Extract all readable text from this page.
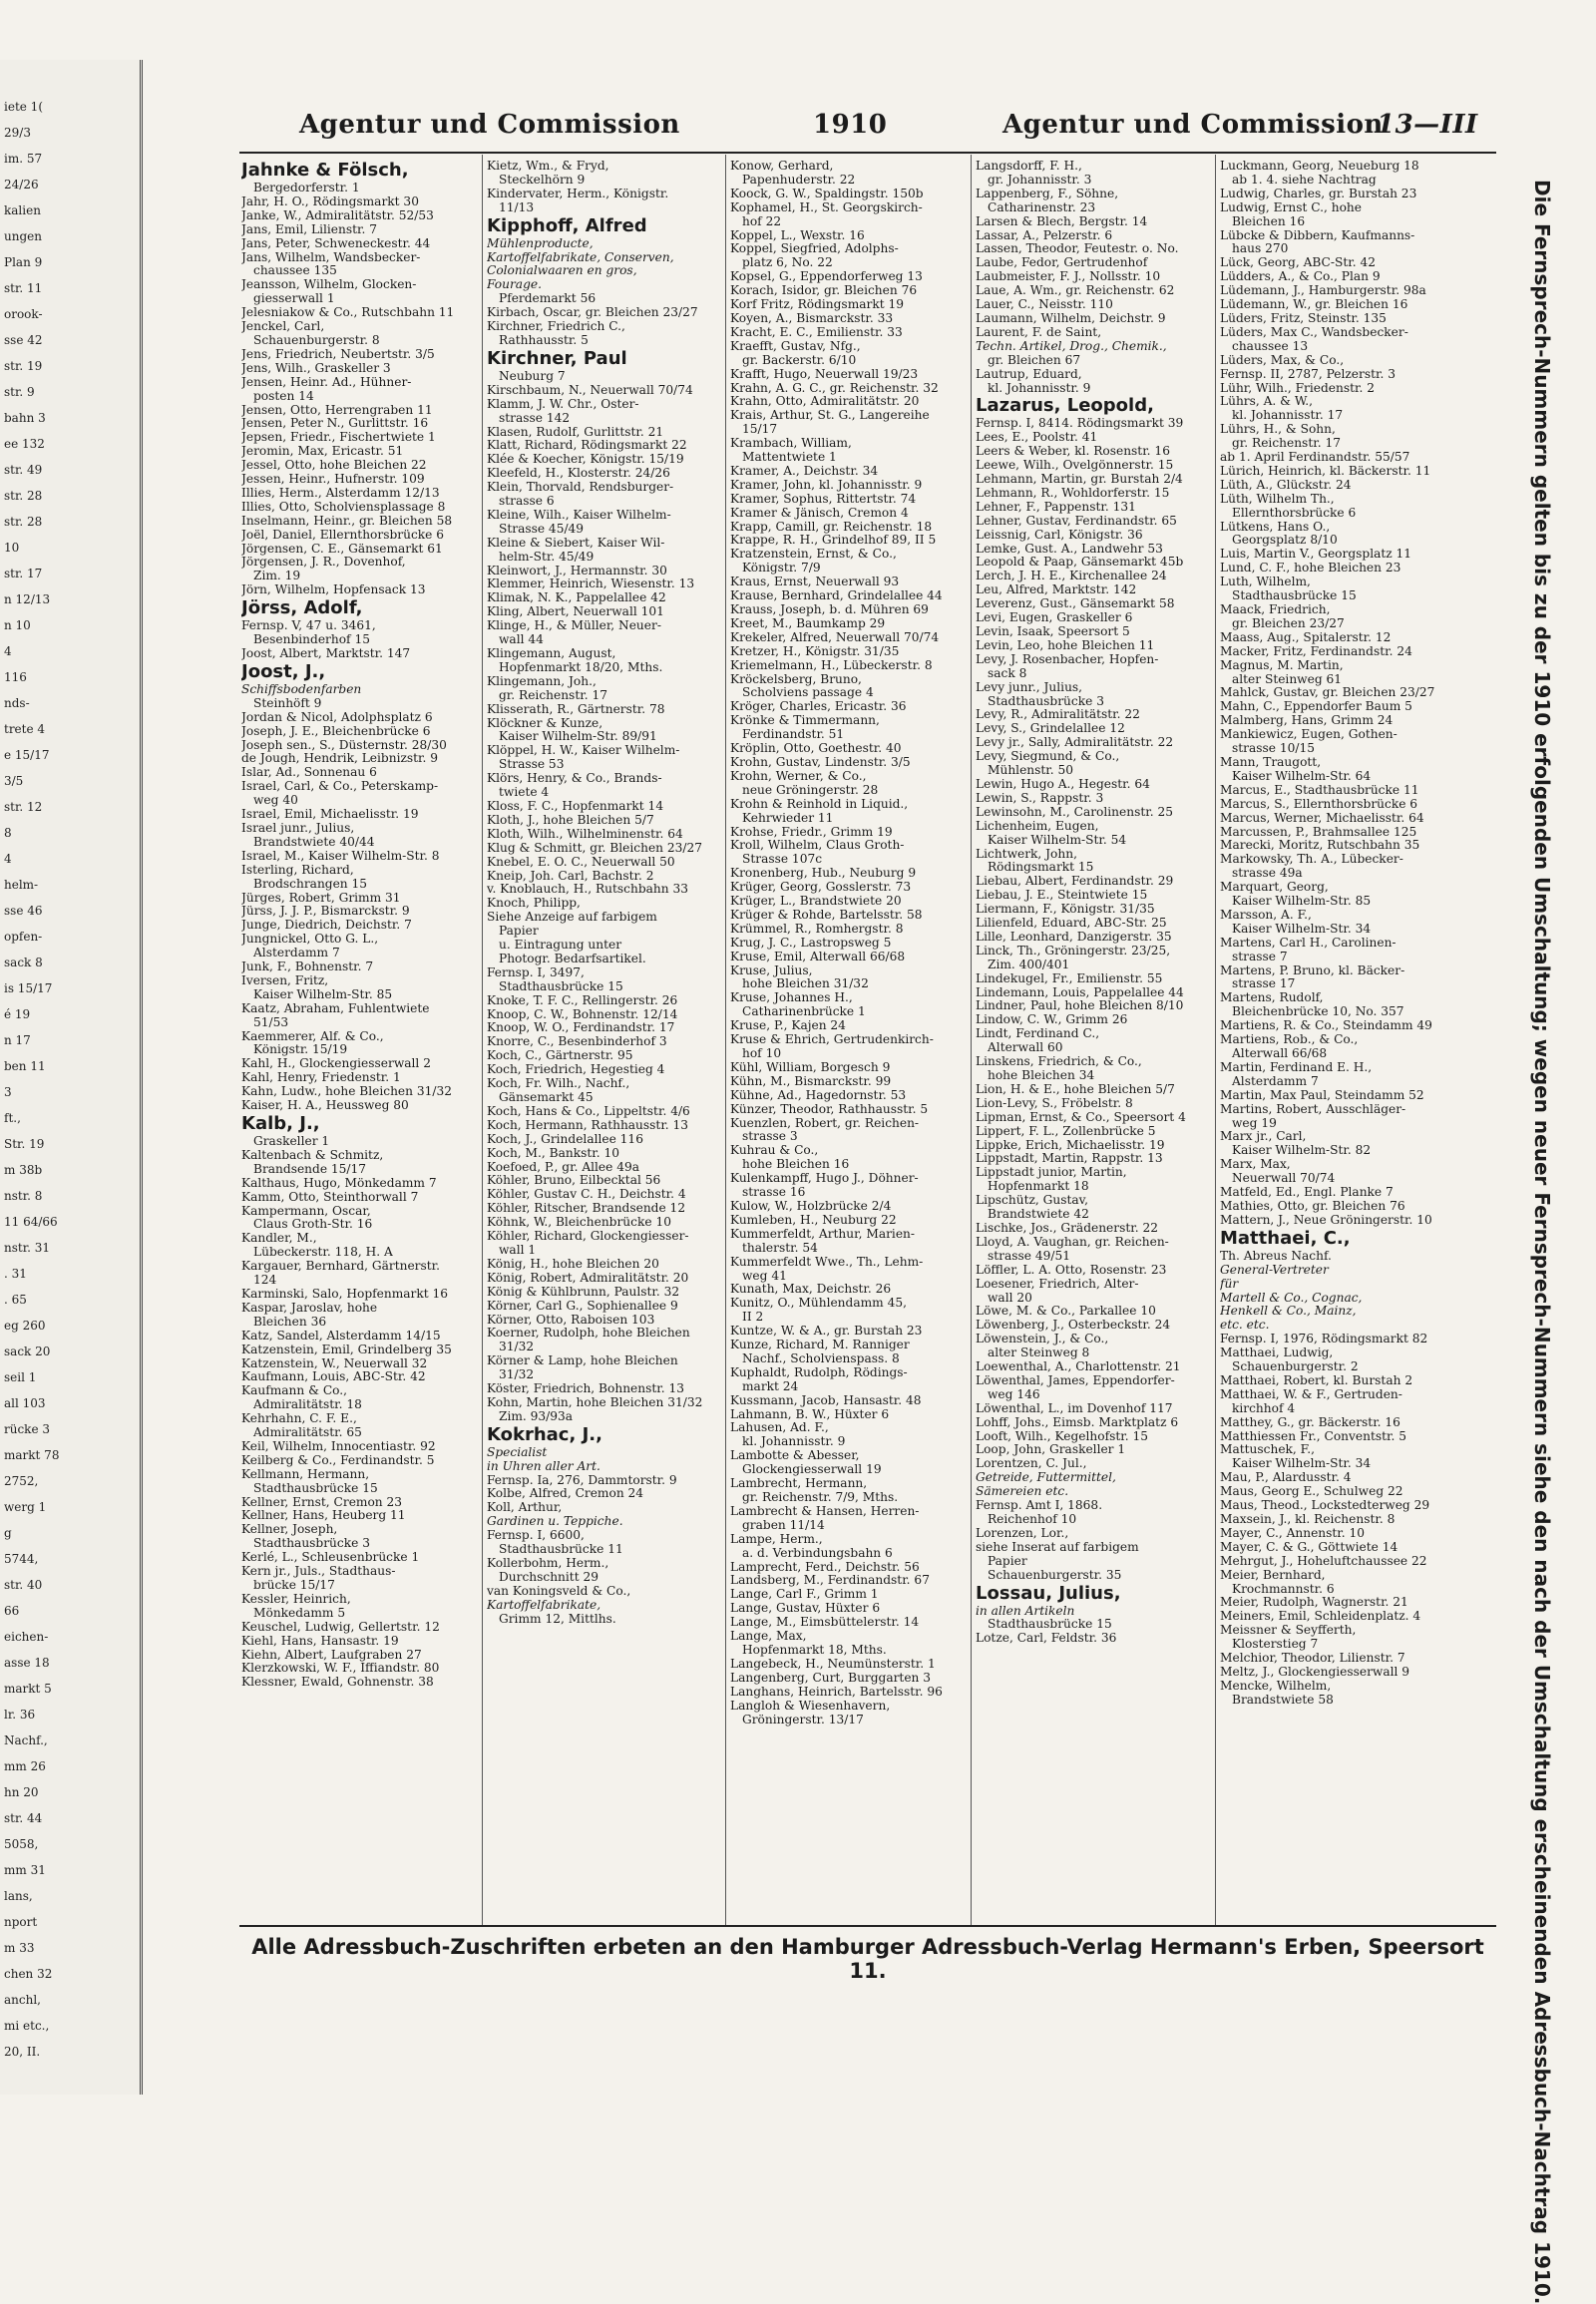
iete 1(
29/3
im. 57
24/26
kalien
ungen
Plan 9
str. 11
orook-
sse 42
str. 19
str. 9
bahn 3
ee 132
str. 49
str. 28
str. 28
10
str. 17
n 12/13
n 10
4
116
nds-
trete 4
e 15/17
3/5
str. 12
8
4
helm-
sse 46
opfen-
sack 8
is 15/17
é 19
n 17
ben 11
3
ft.,
Str. 19
m 38b
nstr. 8
11 64/66
nstr. 31
. 31
. 65
eg 260
sack 20
seil 1
all 103
rücke 3
markt 78
2752,
werg 1
g
5744,
str. 40
66
eichen-
asse 18
markt 5
lr. 36
Nachf.,
mm 26
hn 20
str. 44
5058,
mm 31
lans,
nport
m 33
chen 32
anchl,
mi etc.,
20, II.
Agentur und Commission	1910	Agentur und Commission
13—III
Jahnke & Fölsch,
Bergedorferstr. 1
Jahr, H. O., Rödingsmarkt 30
Janke, W., Admiralitätstr. 52/53
Jans, Emil, Lilienstr. 7
Jans, Peter, Schweneckestr. 44
Jans, Wilhelm, Wandsbecker-
chaussee 135
Jeansson, Wilhelm, Glocken-
giesserwall 1
Jelesniakow & Co., Rutschbahn 11
Jenckel, Carl,
Schauenburgerstr. 8
Jens, Friedrich, Neubertstr. 3/5
Jens, Wilh., Graskeller 3
Jensen, Heinr. Ad., Hühner-
posten 14
Jensen, Otto, Herrengraben 11
Jensen, Peter N., Gurlittstr. 16
Jepsen, Friedr., Fischertwiete 1
Jeromin, Max, Ericastr. 51
Jessel, Otto, hohe Bleichen 22
Jessen, Heinr., Hufnerstr. 109
Illies, Herm., Alsterdamm 12/13
Illies, Otto, Scholviensplassage 8
Inselmann, Heinr., gr. Bleichen 58
Joël, Daniel, Ellernthorsbrücke 6
Jörgensen, C. E., Gänsemarkt 61
Jörgensen, J. R., Dovenhof,
Zim. 19
Jörn, Wilhelm, Hopfensack 13
Jörss, Adolf,
Fernsp. V, 47 u. 3461,
Besenbinderhof 15
Joost, Albert, Marktstr. 147
Joost, J.,
Schiffsbodenfarben
Steinhöft 9
Jordan & Nicol, Adolphsplatz 6
Joseph, J. E., Bleichenbrücke 6
Joseph sen., S., Düsternstr. 28/30
de Jough, Hendrik, Leibnizstr. 9
Islar, Ad., Sonnenau 6
Israel, Carl, & Co., Peterskamp-
weg 40
Israel, Emil, Michaelisstr. 19
Israel junr., Julius,
Brandstwiete 40/44
Israel, M., Kaiser Wilhelm-Str. 8
Isterling, Richard,
Brodschrangen 15
Jürges, Robert, Grimm 31
Jürss, J. J. P., Bismarckstr. 9
Junge, Diedrich, Deichstr. 7
Jungnickel, Otto G. L.,
Alsterdamm 7
Junk, F., Bohnenstr. 7
Iversen, Fritz,
Kaiser Wilhelm-Str. 85
Kaatz, Abraham, Fuhlentwiete
51/53
Kaemmerer, Alf. & Co.,
Königstr. 15/19
Kahl, H., Glockengiesserwall 2
Kahl, Henry, Friedenstr. 1
Kahn, Ludw., hohe Bleichen 31/32
Kaiser, H. A., Heussweg 80
Kalb, J.,
Graskeller 1
Kaltenbach & Schmitz,
Brandsende 15/17
Kalthaus, Hugo, Mönkedamm 7
Kamm, Otto, Steinthorwall 7
Kampermann, Oscar,
Claus Groth-Str. 16
Kandler, M.,
Lübeckerstr. 118, H. A
Kargauer, Bernhard, Gärtnerstr.
124
Karminski, Salo, Hopfenmarkt 16
Kaspar, Jaroslav, hohe
Bleichen 36
Katz, Sandel, Alsterdamm 14/15
Katzenstein, Emil, Grindelberg 35
Katzenstein, W., Neuerwall 32
Kaufmann, Louis, ABC-Str. 42
Kaufmann & Co.,
Admiralitätstr. 18
Kehrhahn, C. F. E.,
Admiralitätstr. 65
Keil, Wilhelm, Innocentiastr. 92
Keilberg & Co., Ferdinandstr. 5
Kellmann, Hermann,
Stadthausbrücke 15
Kellner, Ernst, Cremon 23
Kellner, Hans, Heuberg 11
Kellner, Joseph,
Stadthausbrücke 3
Kerlé, L., Schleusenbrücke 1
Kern jr., Juls., Stadthaus-
brücke 15/17
Kessler, Heinrich,
Mönkedamm 5
Keuschel, Ludwig, Gellertstr. 12
Kiehl, Hans, Hansastr. 19
Kiehn, Albert, Laufgraben 27
Klerzkowski, W. F., Iffiandstr. 80
Klessner, Ewald, Gohnenstr. 38
Kietz, Wm., & Fryd,
Steckelhörn 9
Kindervater, Herm., Königstr.
11/13
Kipphoff, Alfred
Mühlenproducte,
Kartoffelfabrikate, Conserven,
Colonialwaaren en gros,
Fourage.
Pferdemarkt 56
Kirbach, Oscar, gr. Bleichen 23/27
Kirchner, Friedrich C.,
Rathhausstr. 5
Kirchner, Paul
Neuburg 7
Kirschbaum, N., Neuerwall 70/74
Klamm, J. W. Chr., Oster-
strasse 142
Klasen, Rudolf, Gurlittstr. 21
Klatt, Richard, Rödingsmarkt 22
Klée & Koecher, Königstr. 15/19
Kleefeld, H., Klosterstr. 24/26
Klein, Thorvald, Rendsburger-
strasse 6
Kleine, Wilh., Kaiser Wilhelm-
Strasse 45/49
Kleine & Siebert, Kaiser Wil-
helm-Str. 45/49
Kleinwort, J., Hermannstr. 30
Klemmer, Heinrich, Wiesenstr. 13
Klimak, N. K., Pappelallee 42
Kling, Albert, Neuerwall 101
Klinge, H., & Müller, Neuer-
wall 44
Klingemann, August,
Hopfenmarkt 18/20, Mths.
Klingemann, Joh.,
gr. Reichenstr. 17
Klisserath, R., Gärtnerstr. 78
Klöckner & Kunze,
Kaiser Wilhelm-Str. 89/91
Klöppel, H. W., Kaiser Wilhelm-
Strasse 53
Klörs, Henry, & Co., Brands-
twiete 4
Kloss, F. C., Hopfenmarkt 14
Kloth, J., hohe Bleichen 5/7
Kloth, Wilh., Wilhelminenstr. 64
Klug & Schmitt, gr. Bleichen 23/27
Knebel, E. O. C., Neuerwall 50
Kneip, Joh. Carl, Bachstr. 2
v. Knoblauch, H., Rutschbahn 33
Knoch, Philipp,
Siehe Anzeige auf farbigem
Papier
u. Eintragung unter
Photogr. Bedarfsartikel.
Fernsp. I, 3497,
Stadthausbrücke 15
Knoke, T. F. C., Rellingerstr. 26
Knoop, C. W., Bohnenstr. 12/14
Knoop, W. O., Ferdinandstr. 17
Knorre, C., Besenbinderhof 3
Koch, C., Gärtnerstr. 95
Koch, Friedrich, Hegestieg 4
Koch, Fr. Wilh., Nachf.,
Gänsemarkt 45
Koch, Hans & Co., Lippeltstr. 4/6
Koch, Hermann, Rathhausstr. 13
Koch, J., Grindelallee 116
Koch, M., Bankstr. 10
Koefoed, P., gr. Allee 49a
Köhler, Bruno, Eilbecktal 56
Köhler, Gustav C. H., Deichstr. 4
Köhler, Ritscher, Brandsende 12
Köhnk, W., Bleichenbrücke 10
Köhler, Richard, Glockengiesser-
wall 1
König, H., hohe Bleichen 20
König, Robert, Admiralitätstr. 20
König & Kühlbrunn, Paulstr. 32
Körner, Carl G., Sophienallee 9
Körner, Otto, Raboisen 103
Koerner, Rudolph, hohe Bleichen
31/32
Körner & Lamp, hohe Bleichen
31/32
Köster, Friedrich, Bohnenstr. 13
Kohn, Martin, hohe Bleichen 31/32
Zim. 93/93a
Kokrhac, J.,
Specialist
in Uhren aller Art.
Fernsp. Ia, 276, Dammtorstr. 9
Kolbe, Alfred, Cremon 24
Koll, Arthur,
Gardinen u. Teppiche.
Fernsp. I, 6600,
Stadthausbrücke 11
Kollerbohm, Herm.,
Durchschnitt 29
van Koningsveld & Co.,
Kartoffelfabrikate,
Grimm 12, Mittlhs.
Konow, Gerhard,
Papenhuderstr. 22
Koock, G. W., Spaldingstr. 150b
Kophamel, H., St. Georgskirch-
hof 22
Koppel, L., Wexstr. 16
Koppel, Siegfried, Adolphs-
platz 6, No. 22
Kopsel, G., Eppendorferweg 13
Korach, Isidor, gr. Bleichen 76
Korf Fritz, Rödingsmarkt 19
Koyen, A., Bismarckstr. 33
Kracht, E. C., Emilienstr. 33
Kraefft, Gustav, Nfg.,
gr. Backerstr. 6/10
Krafft, Hugo, Neuerwall 19/23
Krahn, A. G. C., gr. Reichenstr. 32
Krahn, Otto, Admiralitätstr. 20
Krais, Arthur, St. G., Langereihe
15/17
Krambach, William,
Mattentwiete 1
Kramer, A., Deichstr. 34
Kramer, John, kl. Johannisstr. 9
Kramer, Sophus, Rittertstr. 74
Kramer & Jänisch, Cremon 4
Krapp, Camill, gr. Reichenstr. 18
Krappe, R. H., Grindelhof 89, II 5
Kratzenstein, Ernst, & Co.,
Königstr. 7/9
Kraus, Ernst, Neuerwall 93
Krause, Bernhard, Grindelallee 44
Krauss, Joseph, b. d. Mühren 69
Kreet, M., Baumkamp 29
Krekeler, Alfred, Neuerwall 70/74
Kretzer, H., Königstr. 31/35
Kriemelmann, H., Lübeckerstr. 8
Kröckelsberg, Bruno,
Scholviens passage 4
Kröger, Charles, Ericastr. 36
Krönke & Timmermann,
Ferdinandstr. 51
Kröplin, Otto, Goethestr. 40
Krohn, Gustav, Lindenstr. 3/5
Krohn, Werner, & Co.,
neue Gröningerstr. 28
Krohn & Reinhold in Liquid.,
Kehrwieder 11
Krohse, Friedr., Grimm 19
Kroll, Wilhelm, Claus Groth-
Strasse 107c
Kronenberg, Hub., Neuburg 9
Krüger, Georg, Gosslerstr. 73
Krüger, L., Brandstwiete 20
Krüger & Rohde, Bartelsstr. 58
Krümmel, R., Romhergstr. 8
Krug, J. C., Lastropsweg 5
Kruse, Emil, Alterwall 66/68
Kruse, Julius,
hohe Bleichen 31/32
Kruse, Johannes H.,
Catharinenbrücke 1
Kruse, P., Kajen 24
Kruse & Ehrich, Gertrudenkirch-
hof 10
Kühl, William, Borgesch 9
Kühn, M., Bismarckstr. 99
Kühne, Ad., Hagedornstr. 53
Künzer, Theodor, Rathhausstr. 5
Kuenzlen, Robert, gr. Reichen-
strasse 3
Kuhrau & Co.,
hohe Bleichen 16
Kulenkampff, Hugo J., Döhner-
strasse 16
Kulow, W., Holzbrücke 2/4
Kumleben, H., Neuburg 22
Kummerfeldt, Arthur, Marien-
thalerstr. 54
Kummerfeldt Wwe., Th., Lehm-
weg 41
Kunath, Max, Deichstr. 26
Kunitz, O., Mühlendamm 45,
II 2
Kuntze, W. & A., gr. Burstah 23
Kunze, Richard, M. Ranniger
Nachf., Scholvienspass. 8
Kuphaldt, Rudolph, Rödings-
markt 24
Kussmann, Jacob, Hansastr. 48
Lahmann, B. W., Hüxter 6
Lahusen, Ad. F.,
kl. Johannisstr. 9
Lambotte & Abesser,
Glockengiesserwall 19
Lambrecht, Hermann,
gr. Reichenstr. 7/9, Mths.
Lambrecht & Hansen, Herren-
graben 11/14
Lampe, Herm.,
a. d. Verbindungsbahn 6
Lamprecht, Ferd., Deichstr. 56
Landsberg, M., Ferdinandstr. 67
Lange, Carl F., Grimm 1
Lange, Gustav, Hüxter 6
Lange, M., Eimsbüttelerstr. 14
Lange, Max,
Hopfenmarkt 18, Mths.
Langebeck, H., Neumünsterstr. 1
Langenberg, Curt, Burggarten 3
Langhans, Heinrich, Bartelsstr. 96
Langloh & Wiesenhavern,
Gröningerstr. 13/17
Langsdorff, F. H.,
gr. Johannisstr. 3
Lappenberg, F., Söhne,
Catharinenstr. 23
Larsen & Blech, Bergstr. 14
Lassar, A., Pelzerstr. 6
Lassen, Theodor, Feutestr. o. No.
Laube, Fedor, Gertrudenhof
Laubmeister, F. J., Nollsstr. 10
Laue, A. Wm., gr. Reichenstr. 62
Lauer, C., Neisstr. 110
Laumann, Wilhelm, Deichstr. 9
Laurent, F. de Saint,
Techn. Artikel, Drog., Chemik.,
gr. Bleichen 67
Lautrup, Eduard,
kl. Johannisstr. 9
Lazarus, Leopold,
Fernsp. I, 8414. Rödingsmarkt 39
Lees, E., Poolstr. 41
Leers & Weber, kl. Rosenstr. 16
Leewe, Wilh., Ovelgönnerstr. 15
Lehmann, Martin, gr. Burstah 2/4
Lehmann, R., Wohldorferstr. 15
Lehner, F., Pappenstr. 131
Lehner, Gustav, Ferdinandstr. 65
Leissnig, Carl, Königstr. 36
Lemke, Gust. A., Landwehr 53
Leopold & Paap, Gänsemarkt 45b
Lerch, J. H. E., Kirchenallee 24
Leu, Alfred, Marktstr. 142
Leverenz, Gust., Gänsemarkt 58
Levi, Eugen, Graskeller 6
Levin, Isaak, Speersort 5
Levin, Leo, hohe Bleichen 11
Levy, J. Rosenbacher, Hopfen-
sack 8
Levy junr., Julius,
Stadthausbrücke 3
Levy, R., Admiralitätstr. 22
Levy, S., Grindelallee 12
Levy jr., Sally, Admiralitätstr. 22
Levy, Siegmund, & Co.,
Mühlenstr. 50
Lewin, Hugo A., Hegestr. 64
Lewin, S., Rappstr. 3
Lewinsohn, M., Carolinenstr. 25
Lichenheim, Eugen,
Kaiser Wilhelm-Str. 54
Lichtwerk, John,
Rödingsmarkt 15
Liebau, Albert, Ferdinandstr. 29
Liebau, J. E., Steintwiete 15
Liermann, F., Königstr. 31/35
Lilienfeld, Eduard, ABC-Str. 25
Lille, Leonhard, Danzigerstr. 35
Linck, Th., Gröningerstr. 23/25,
Zim. 400/401
Lindekugel, Fr., Emilienstr. 55
Lindemann, Louis, Pappelallee 44
Lindner, Paul, hohe Bleichen 8/10
Lindow, C. W., Grimm 26
Lindt, Ferdinand C.,
Alterwall 60
Linskens, Friedrich, & Co.,
hohe Bleichen 34
Lion, H. & E., hohe Bleichen 5/7
Lion-Levy, S., Fröbelstr. 8
Lipman, Ernst, & Co., Speersort 4
Lippert, F. L., Zollenbrücke 5
Lippke, Erich, Michaelisstr. 19
Lippstadt, Martin, Rappstr. 13
Lippstadt junior, Martin,
Hopfenmarkt 18
Lipschütz, Gustav,
Brandstwiete 42
Lischke, Jos., Grädenerstr. 22
Lloyd, A. Vaughan, gr. Reichen-
strasse 49/51
Löffler, L. A. Otto, Rosenstr. 23
Loesener, Friedrich, Alter-
wall 20
Löwe, M. & Co., Parkallee 10
Löwenberg, J., Osterbeckstr. 24
Löwenstein, J., & Co.,
alter Steinweg 8
Loewenthal, A., Charlottenstr. 21
Löwenthal, James, Eppendorfer-
weg 146
Löwenthal, L., im Dovenhof 117
Lohff, Johs., Eimsb. Marktplatz 6
Looft, Wilh., Kegelhofstr. 15
Loop, John, Graskeller 1
Lorentzen, C. Jul.,
Getreide, Futtermittel,
Sämereien etc.
Fernsp. Amt I, 1868.
Reichenhof 10
Lorenzen, Lor.,
siehe Inserat auf farbigem
Papier
Schauenburgerstr. 35
Lossau, Julius,
in allen Artikeln
Stadthausbrücke 15
Lotze, Carl, Feldstr. 36
Luckmann, Georg, Neueburg 18
ab 1. 4. siehe Nachtrag
Ludwig, Charles, gr. Burstah 23
Ludwig, Ernst C., hohe
Bleichen 16
Lübcke & Dibbern, Kaufmanns-
haus 270
Lück, Georg, ABC-Str. 42
Lüdders, A., & Co., Plan 9
Lüdemann, J., Hamburgerstr. 98a
Lüdemann, W., gr. Bleichen 16
Lüders, Fritz, Steinstr. 135
Lüders, Max C., Wandsbecker-
chaussee 13
Lüders, Max, & Co.,
Fernsp. II, 2787, Pelzerstr. 3
Lühr, Wilh., Friedenstr. 2
Lührs, A. & W.,
kl. Johannisstr. 17
Lührs, H., & Sohn,
gr. Reichenstr. 17
ab 1. April Ferdinandstr. 55/57
Lürich, Heinrich, kl. Bäckerstr. 11
Lüth, A., Glückstr. 24
Lüth, Wilhelm Th.,
Ellernthorsbrücke 6
Lütkens, Hans O.,
Georgsplatz 8/10
Luis, Martin V., Georgsplatz 11
Lund, C. F., hohe Bleichen 23
Luth, Wilhelm,
Stadthausbrücke 15
Maack, Friedrich,
gr. Bleichen 23/27
Maass, Aug., Spitalerstr. 12
Macker, Fritz, Ferdinandstr. 24
Magnus, M. Martin,
alter Steinweg 61
Mahlck, Gustav, gr. Bleichen 23/27
Mahn, C., Eppendorfer Baum 5
Malmberg, Hans, Grimm 24
Mankiewicz, Eugen, Gothen-
strasse 10/15
Mann, Traugott,
Kaiser Wilhelm-Str. 64
Marcus, E., Stadthausbrücke 11
Marcus, S., Ellernthorsbrücke 6
Marcus, Werner, Michaelisstr. 64
Marcussen, P., Brahmsallee 125
Marecki, Moritz, Rutschbahn 35
Markowsky, Th. A., Lübecker-
strasse 49a
Marquart, Georg,
Kaiser Wilhelm-Str. 85
Marsson, A. F.,
Kaiser Wilhelm-Str. 34
Martens, Carl H., Carolinen-
strasse 7
Martens, P. Bruno, kl. Bäcker-
strasse 17
Martens, Rudolf,
Bleichenbrücke 10, No. 357
Martiens, R. & Co., Steindamm 49
Martiens, Rob., & Co.,
Alterwall 66/68
Martin, Ferdinand E. H.,
Alsterdamm 7
Martin, Max Paul, Steindamm 52
Martins, Robert, Ausschläger-
weg 19
Marx jr., Carl,
Kaiser Wilhelm-Str. 82
Marx, Max,
Neuerwall 70/74
Matfeld, Ed., Engl. Planke 7
Mathies, Otto, gr. Bleichen 76
Mattern, J., Neue Gröningerstr. 10
Matthaei, C.,
Th. Abreus Nachf.
General-Vertreter
für
Martell & Co., Cognac,
Henkell & Co., Mainz,
etc. etc.
Fernsp. I, 1976, Rödingsmarkt 82
Matthaei, Ludwig,
Schauenburgerstr. 2
Matthaei, Robert, kl. Burstah 2
Matthaei, W. & F., Gertruden-
kirchhof 4
Matthey, G., gr. Bäckerstr. 16
Matthiessen Fr., Conventstr. 5
Mattuschek, F.,
Kaiser Wilhelm-Str. 34
Mau, P., Alardusstr. 4
Maus, Georg E., Schulweg 22
Maus, Theod., Lockstedterweg 29
Maxsein, J., kl. Reichenstr. 8
Mayer, C., Annenstr. 10
Mayer, C. & G., Göttwiete 14
Mehrgut, J., Hoheluftchaussee 22
Meier, Bernhard,
Krochmannstr. 6
Meier, Rudolph, Wagnerstr. 21
Meiners, Emil, Schleidenplatz. 4
Meissner & Seyfferth,
Klosterstieg 7
Melchior, Theodor, Lilienstr. 7
Meltz, J., Glockengiesserwall 9
Mencke, Wilhelm,
Brandstwiete 58
Alle Adressbuch-Zuschriften erbeten an den Hamburger Adressbuch-Verlag Hermann's Erben, Speersort 11.	Die Fernsprech-Nummern gelten bis zu der 1910 erfolgenden Umschaltung; wegen neuer Fernsprech-Nummern siehe den nach der Umschaltung erscheinenden Adressbuch-Nachtrag 1910.
